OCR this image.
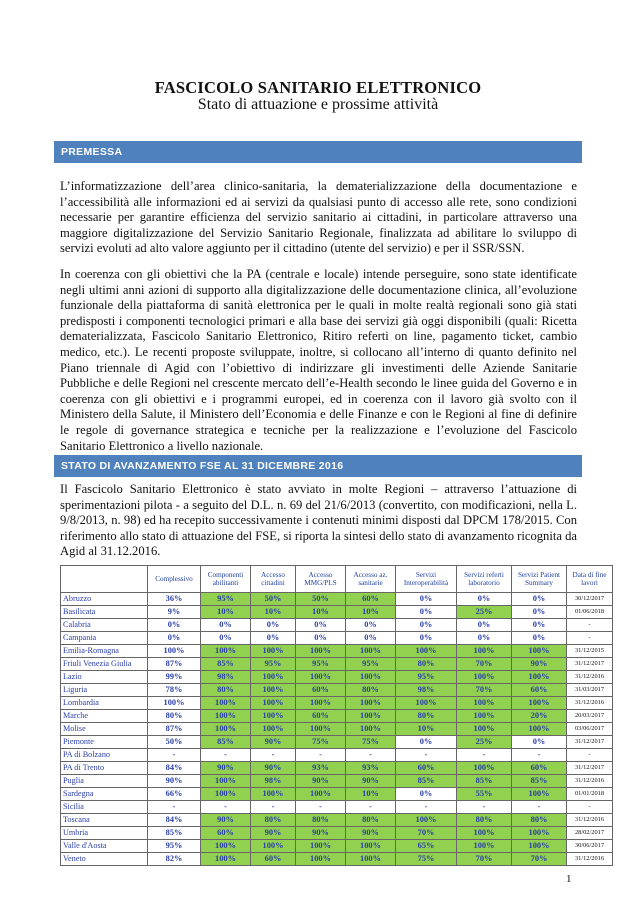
FASCICOLO SANITARIO ELETTRONICO
Stato di attuazione e prossime attività
PREMESSA

L’informatizzazione dell’area clinico-sanitaria, la dematerializzazione della documentazione e l’accessibilità alle informazioni ed ai servizi da qualsiasi punto di accesso alle rete, sono condizioni necessarie per garantire efficienza del servizio sanitario ai cittadini, in particolare attraverso una maggiore digitalizzazione del Servizio Sanitario Regionale, finalizzata ad abilitare lo sviluppo di servizi evoluti ad alto valore aggiunto per il cittadino (utente del servizio) e per il SSR/SSN.

In coerenza con gli obiettivi che la PA (centrale e locale) intende perseguire, sono state identificate negli ultimi anni azioni di supporto alla digitalizzazione delle documentazione clinica, all’evoluzione funzionale della piattaforma di sanità elettronica per le quali in molte realtà regionali sono già stati predisposti i componenti tecnologici primari e alla base dei servizi già oggi disponibili (quali: Ricetta dematerializzata, Fascicolo Sanitario Elettronico, Ritiro referti on line, pagamento ticket, cambio medico, etc.). Le recenti proposte sviluppate, inoltre, si collocano all’interno di quanto definito nel Piano triennale di Agid con l’obiettivo di indirizzare gli investimenti delle Aziende Sanitarie Pubbliche e delle Regioni nel crescente mercato dell’e-Health secondo le linee guida del Governo e in coerenza con gli obiettivi e i programmi europei, ed in coerenza con il lavoro già svolto con il Ministero della Salute, il Ministero dell’Economia e delle Finanze e con le Regioni al fine di definire le regole di governance strategica e tecniche per la realizzazione e l’evoluzione del Fascicolo Sanitario Elettronico a livello nazionale.

STATO DI AVANZAMENTO FSE AL 31 DICEMBRE 2016

Il Fascicolo Sanitario Elettronico è stato avviato in molte Regioni – attraverso l’attuazione di sperimentazioni pilota - a seguito del D.L. n. 69 del 21/6/2013 (convertito, con modificazioni, nella L. 9/8/2013, n. 98) ed ha recepito successivamente i contenuti minimi disposti dal DPCM 178/2015. Con riferimento allo stato di attuazione del FSE, si riporta la sintesi dello stato di avanzamento ricognita da Agid al 31.12.2016.

	Complessivo	Componenti abilitanti	Accesso cittadini	Accesso MMG/PLS	Accesso az. sanitarie	Servizi Interoperabilità	Servizi referti laboratorio	Servizi Patient Summary	Data di fine lavori
Abruzzo	36%	95%	50%	50%	60%	0%	0%	0%	30/12/2017
Basilicata	9%	10%	10%	10%	10%	0%	25%	0%	01/06/2018
Calabria	0%	0%	0%	0%	0%	0%	0%	0%	-
Campania	0%	0%	0%	0%	0%	0%	0%	0%	-
Emilia-Romagna	100%	100%	100%	100%	100%	100%	100%	100%	31/12/2015
Friuli Venezia Giulia	87%	85%	95%	95%	95%	80%	70%	90%	31/12/2017
Lazio	99%	98%	100%	100%	100%	95%	100%	100%	31/12/2016
Liguria	78%	80%	100%	60%	80%	98%	70%	60%	31/03/2017
Lombardia	100%	100%	100%	100%	100%	100%	100%	100%	31/12/2016
Marche	80%	100%	100%	60%	100%	80%	100%	20%	20/03/2017
Molise	87%	100%	100%	100%	100%	10%	100%	100%	03/06/2017
Piemonte	50%	85%	90%	75%	75%	0%	25%	0%	31/12/2017
PA di Bolzano	-	-	-	-	-	-	-	-	-
PA di Trento	84%	90%	90%	93%	93%	60%	100%	60%	31/12/2017
Puglia	90%	100%	98%	90%	90%	85%	85%	85%	31/12/2016
Sardegna	66%	100%	100%	100%	10%	0%	55%	100%	01/01/2018
Sicilia	-	-	-	-	-	-	-	-	-
Toscana	84%	90%	80%	80%	80%	100%	80%	80%	31/12/2016
Umbria	85%	60%	90%	90%	90%	70%	100%	100%	28/02/2017
Valle d'Aosta	95%	100%	100%	100%	100%	65%	100%	100%	30/06/2017
Veneto	82%	100%	60%	100%	100%	75%	70%	70%	31/12/2016
1
